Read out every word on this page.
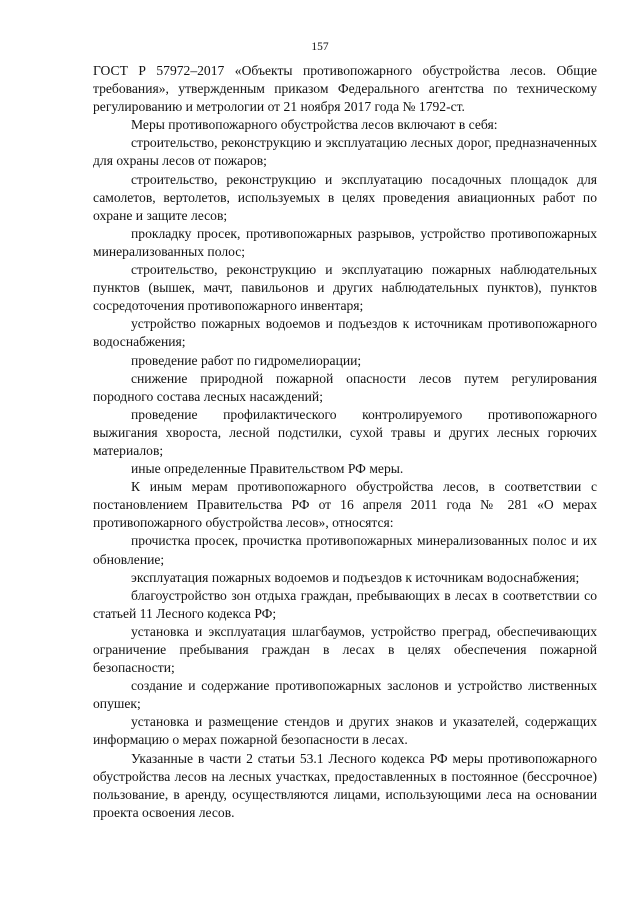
157

ГОСТ Р 57972–2017 «Объекты противопожарного обустройства лесов. Общие требования», утвержденным приказом Федерального агентства по техническому регулированию и метрологии от 21 ноября 2017 года № 1792-ст.

Меры противопожарного обустройства лесов включают в себя:

строительство, реконструкцию и эксплуатацию лесных дорог, предназначенных для охраны лесов от пожаров;

строительство, реконструкцию и эксплуатацию посадочных площадок для самолетов, вертолетов, используемых в целях проведения авиационных работ по охране и защите лесов;

прокладку просек, противопожарных разрывов, устройство противопожарных минерализованных полос;

строительство, реконструкцию и эксплуатацию пожарных наблюдательных пунктов (вышек, мачт, павильонов и других наблюдательных пунктов), пунктов сосредоточения противопожарного инвентаря;

устройство пожарных водоемов и подъездов к источникам противопожарного водоснабжения;

проведение работ по гидромелиорации;

снижение природной пожарной опасности лесов путем регулирования породного состава лесных насаждений;

проведение профилактического контролируемого противопожарного выжигания хвороста, лесной подстилки, сухой травы и других лесных горючих материалов;

иные определенные Правительством РФ меры.

К иным мерам противопожарного обустройства лесов, в соответствии с постановлением Правительства РФ от 16 апреля 2011 года № 281 «О мерах противопожарного обустройства лесов», относятся:

прочистка просек, прочистка противопожарных минерализованных полос и их обновление;

эксплуатация пожарных водоемов и подъездов к источникам водоснабжения;

благоустройство зон отдыха граждан, пребывающих в лесах в соответствии со статьей 11 Лесного кодекса РФ;

установка и эксплуатация шлагбаумов, устройство преград, обеспечивающих ограничение пребывания граждан в лесах в целях обеспечения пожарной безопасности;

создание и содержание противопожарных заслонов и устройство лиственных опушек;

установка и размещение стендов и других знаков и указателей, содержащих информацию о мерах пожарной безопасности в лесах.

Указанные в части 2 статьи 53.1 Лесного кодекса РФ меры противопожарного обустройства лесов на лесных участках, предоставленных в постоянное (бессрочное) пользование, в аренду, осуществляются лицами, использующими леса на основании проекта освоения лесов.
